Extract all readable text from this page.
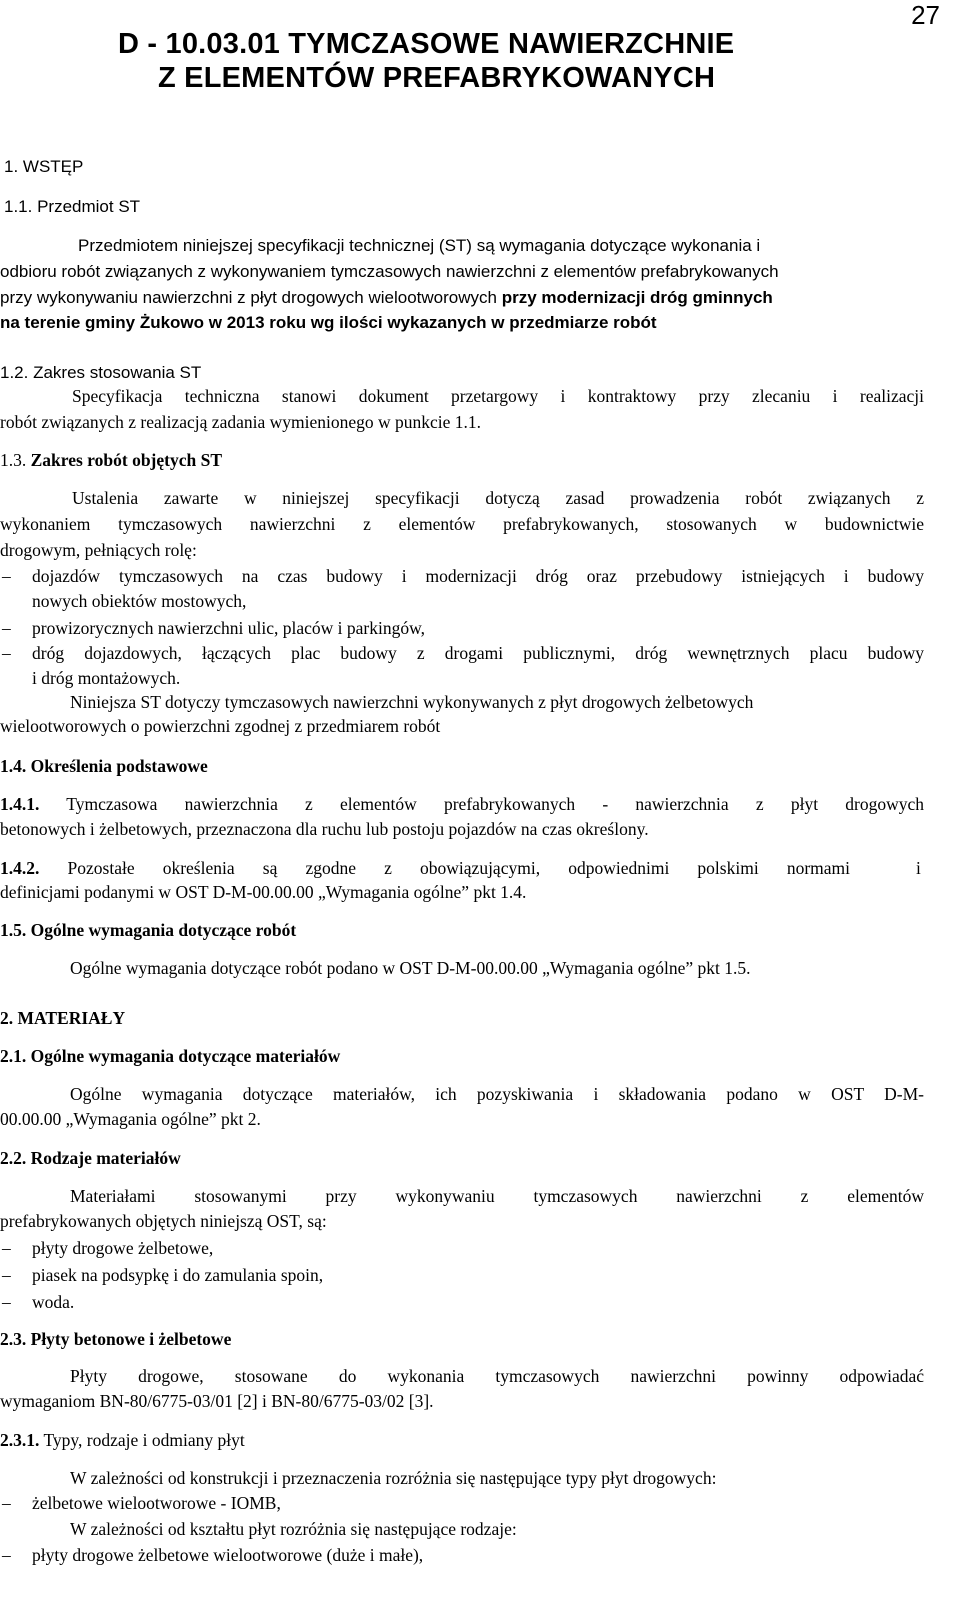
27
D - 10.03.01 TYMCZASOWE NAWIERZCHNIE
Z ELEMENTÓW PREFABRYKOWANYCH
1. WSTĘP
1.1. Przedmiot ST
Przedmiotem niniejszej specyfikacji technicznej (ST) są wymagania dotyczące wykonania i
odbioru robót związanych z wykonywaniem tymczasowych nawierzchni z elementów prefabrykowanych
przy wykonywaniu nawierzchni z płyt drogowych wielootworowych przy modernizacji dróg gminnych
na terenie gminy Żukowo w 2013 roku wg ilości wykazanych w przedmiarze robót
1.2. Zakres stosowania ST
Specyfikacja techniczna stanowi dokument przetargowy i kontraktowy przy zlecaniu i realizacji
robót związanych z realizacją zadania wymienionego w punkcie 1.1.
1.3. Zakres robót objętych ST
Ustalenia zawarte w niniejszej specyfikacji dotyczą zasad prowadzenia robót związanych z
wykonaniem tymczasowych nawierzchni z elementów prefabrykowanych, stosowanych w budownictwie
drogowym, pełniących rolę:
– dojazdów tymczasowych na czas budowy i modernizacji dróg oraz przebudowy istniejących i budowy
nowych obiektów mostowych,
– prowizorycznych nawierzchni ulic, placów i parkingów,
– dróg dojazdowych, łączących plac budowy z drogami publicznymi, dróg wewnętrznych placu budowy
i dróg montażowych.
Niniejsza ST dotyczy tymczasowych nawierzchni wykonywanych z płyt drogowych żelbetowych
wielootworowych o powierzchni zgodnej z przedmiarem robót
1.4. Określenia podstawowe
1.4.1. Tymczasowa nawierzchnia z elementów prefabrykowanych - nawierzchnia z płyt drogowych
betonowych i żelbetowych, przeznaczona dla ruchu lub postoju pojazdów na czas określony.
1.4.2. Pozostałe określenia są zgodne z obowiązującymi, odpowiednimi polskimi normami	i
definicjami podanymi w OST D-M-00.00.00 „Wymagania ogólne” pkt 1.4.
1.5. Ogólne wymagania dotyczące robót
Ogólne wymagania dotyczące robót podano w OST D-M-00.00.00 „Wymagania ogólne” pkt 1.5.
2. MATERIAŁY
2.1. Ogólne wymagania dotyczące materiałów
Ogólne wymagania dotyczące materiałów, ich pozyskiwania i składowania podano w OST D-M-
00.00.00 „Wymagania ogólne” pkt 2.
2.2. Rodzaje materiałów
Materiałami stosowanymi przy wykonywaniu tymczasowych nawierzchni z elementów
prefabrykowanych objętych niniejszą OST, są:
– płyty drogowe żelbetowe,
– piasek na podsypkę i do zamulania spoin,
– woda.
2.3. Płyty betonowe i żelbetowe
Płyty drogowe, stosowane do wykonania tymczasowych nawierzchni powinny odpowiadać
wymaganiom BN-80/6775-03/01 [2] i BN-80/6775-03/02 [3].
2.3.1. Typy, rodzaje i odmiany płyt
W zależności od konstrukcji i przeznaczenia rozróżnia się następujące typy płyt drogowych:
– żelbetowe wielootworowe - IOMB,
W zależności od kształtu płyt rozróżnia się następujące rodzaje:
– płyty drogowe żelbetowe wielootworowe (duże i małe),
